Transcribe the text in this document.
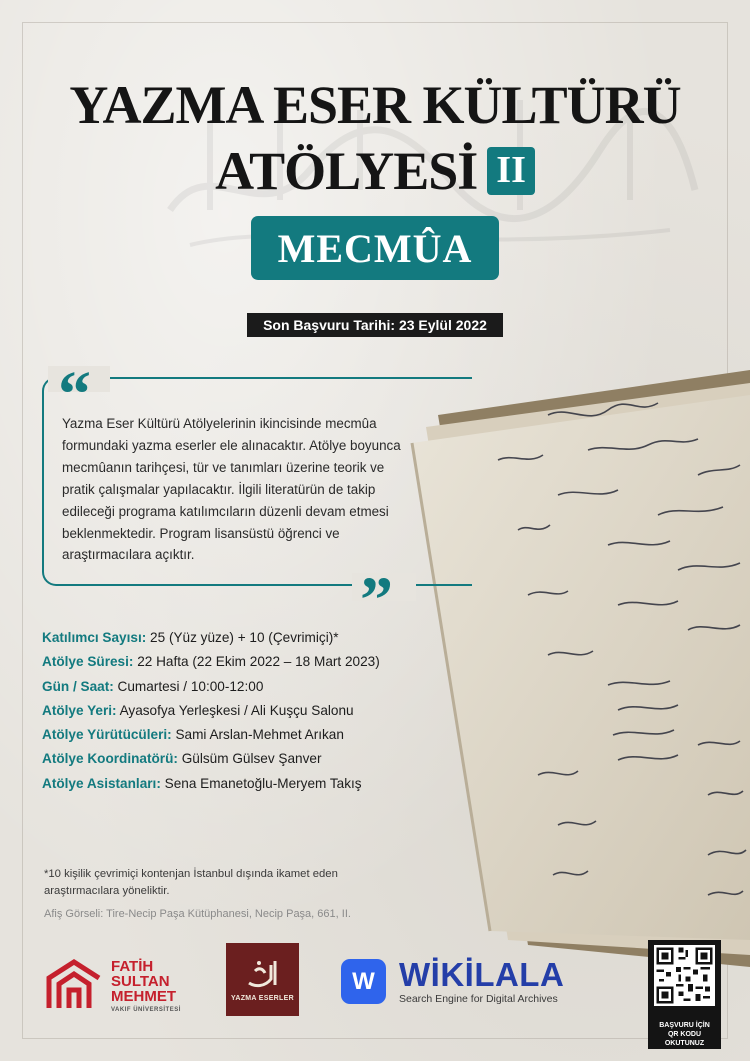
YAZMA ESER KÜLTÜRÜ
ATÖLYESİ II
MECMÛA
Son Başvuru Tarihi: 23 Eylül 2022
“
”

Yazma Eser Kültürü Atölyelerinin ikincisinde mecmûa formundaki yazma eserler ele alınacaktır. Atölye boyunca mecmûanın tarihçesi, tür ve tanımları üzerine teorik ve pratik çalışmalar yapılacaktır. İlgili literatürün de takip edileceği programa katılımcıların düzenli devam etmesi beklenmektedir. Program lisansüstü öğrenci ve araştırmacılara açıktır.

Katılımcı Sayısı: 25 (Yüz yüze) + 10 (Çevrimiçi)*
Atölye Süresi: 22 Hafta (22 Ekim 2022 – 18 Mart 2023)
Gün / Saat: Cumartesi / 10:00-12:00
Atölye Yeri: Ayasofya Yerleşkesi / Ali Kuşçu Salonu
Atölye Yürütücüleri: Sami Arslan-Mehmet Arıkan
Atölye Koordinatörü: Gülsüm Gülsev Şanver
Atölye Asistanları: Sena Emanetoğlu-Meryem Takış

*10 kişilik çevrimiçi kontenjan İstanbul dışında ikamet eden araştırmacılara yöneliktir.

Afiş Görseli: Tire-Necip Paşa Kütüphanesi, Necip Paşa, 661, II.
FATİH
SULTAN
MEHMET
VAKIF ÜNİVERSİTESİ
YAZMA ESERLER
W WİKİLALA
Search Engine for Digital Archives
BAŞVURU İÇİN
QR KODU OKUTUNUZ
